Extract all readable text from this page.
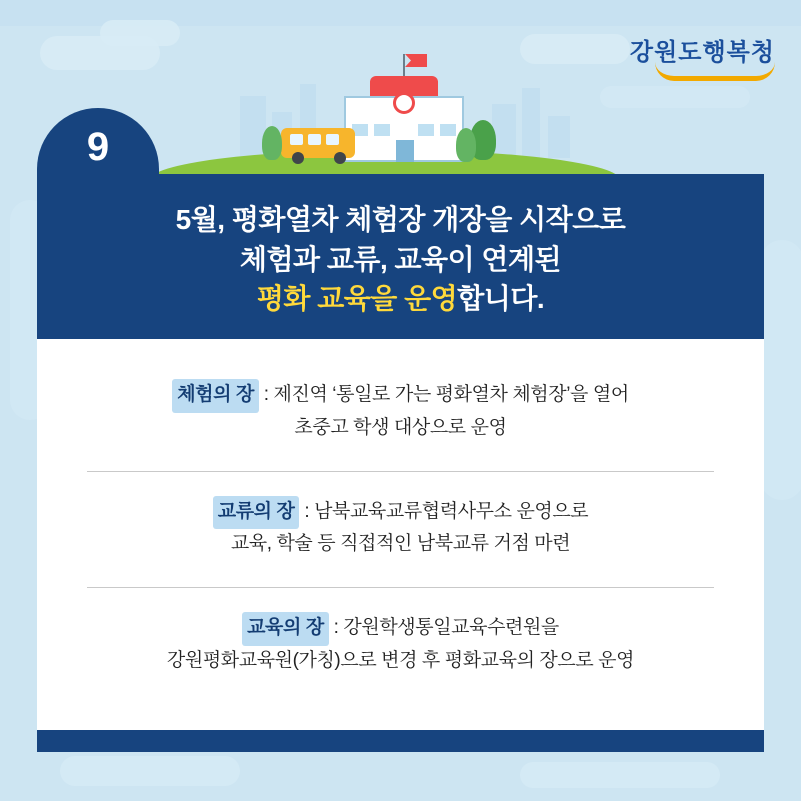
강원도행복청
9
5월, 평화열차 체험장 개장을 시작으로
체험과 교류, 교육이 연계된
평화 교육을 운영합니다.
체험의 장 : 제진역 ‘통일로 가는 평화열차 체험장’을 열어
초중고 학생 대상으로 운영
교류의 장 : 남북교육교류협력사무소 운영으로
교육, 학술 등 직접적인 남북교류 거점 마련
교육의 장 : 강원학생통일교육수련원을
강원평화교육원(가칭)으로 변경 후 평화교육의 장으로 운영
